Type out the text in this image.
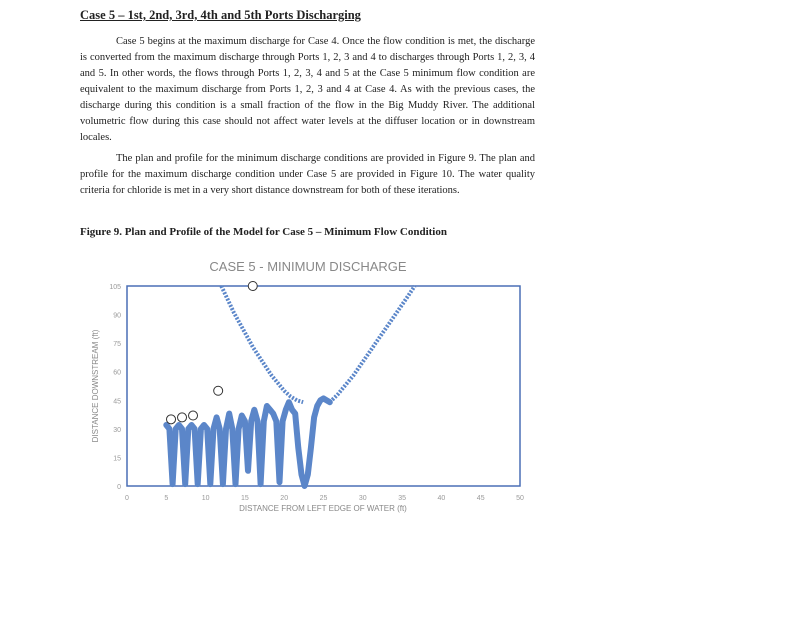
Case 5 – 1st, 2nd, 3rd, 4th and 5th Ports Discharging
Case 5 begins at the maximum discharge for Case 4. Once the flow condition is met, the discharge is converted from the maximum discharge through Ports 1, 2, 3 and 4 to discharges through Ports 1, 2, 3, 4 and 5. In other words, the flows through Ports 1, 2, 3, 4 and 5 at the Case 5 minimum flow condition are equivalent to the maximum discharge from Ports 1, 2, 3 and 4 at Case 4. As with the previous cases, the discharge during this condition is a small fraction of the flow in the Big Muddy River. The additional volumetric flow during this case should not affect water levels at the diffuser location or in downstream locales.
The plan and profile for the minimum discharge conditions are provided in Figure 9. The plan and profile for the maximum discharge condition under Case 5 are provided in Figure 10. The water quality criteria for chloride is met in a very short distance downstream for both of these iterations.
Figure 9. Plan and Profile of the Model for Case 5 – Minimum Flow Condition
CASE 5 - MINIMUM DISCHARGE
0
15
30
45
60
75
90
105
0	5	10	15	20	25	30	35	40	45	50
DISTANCE FROM LEFT EDGE OF WATER (ft)
DISTANCE DOWNSTREAM (ft)
